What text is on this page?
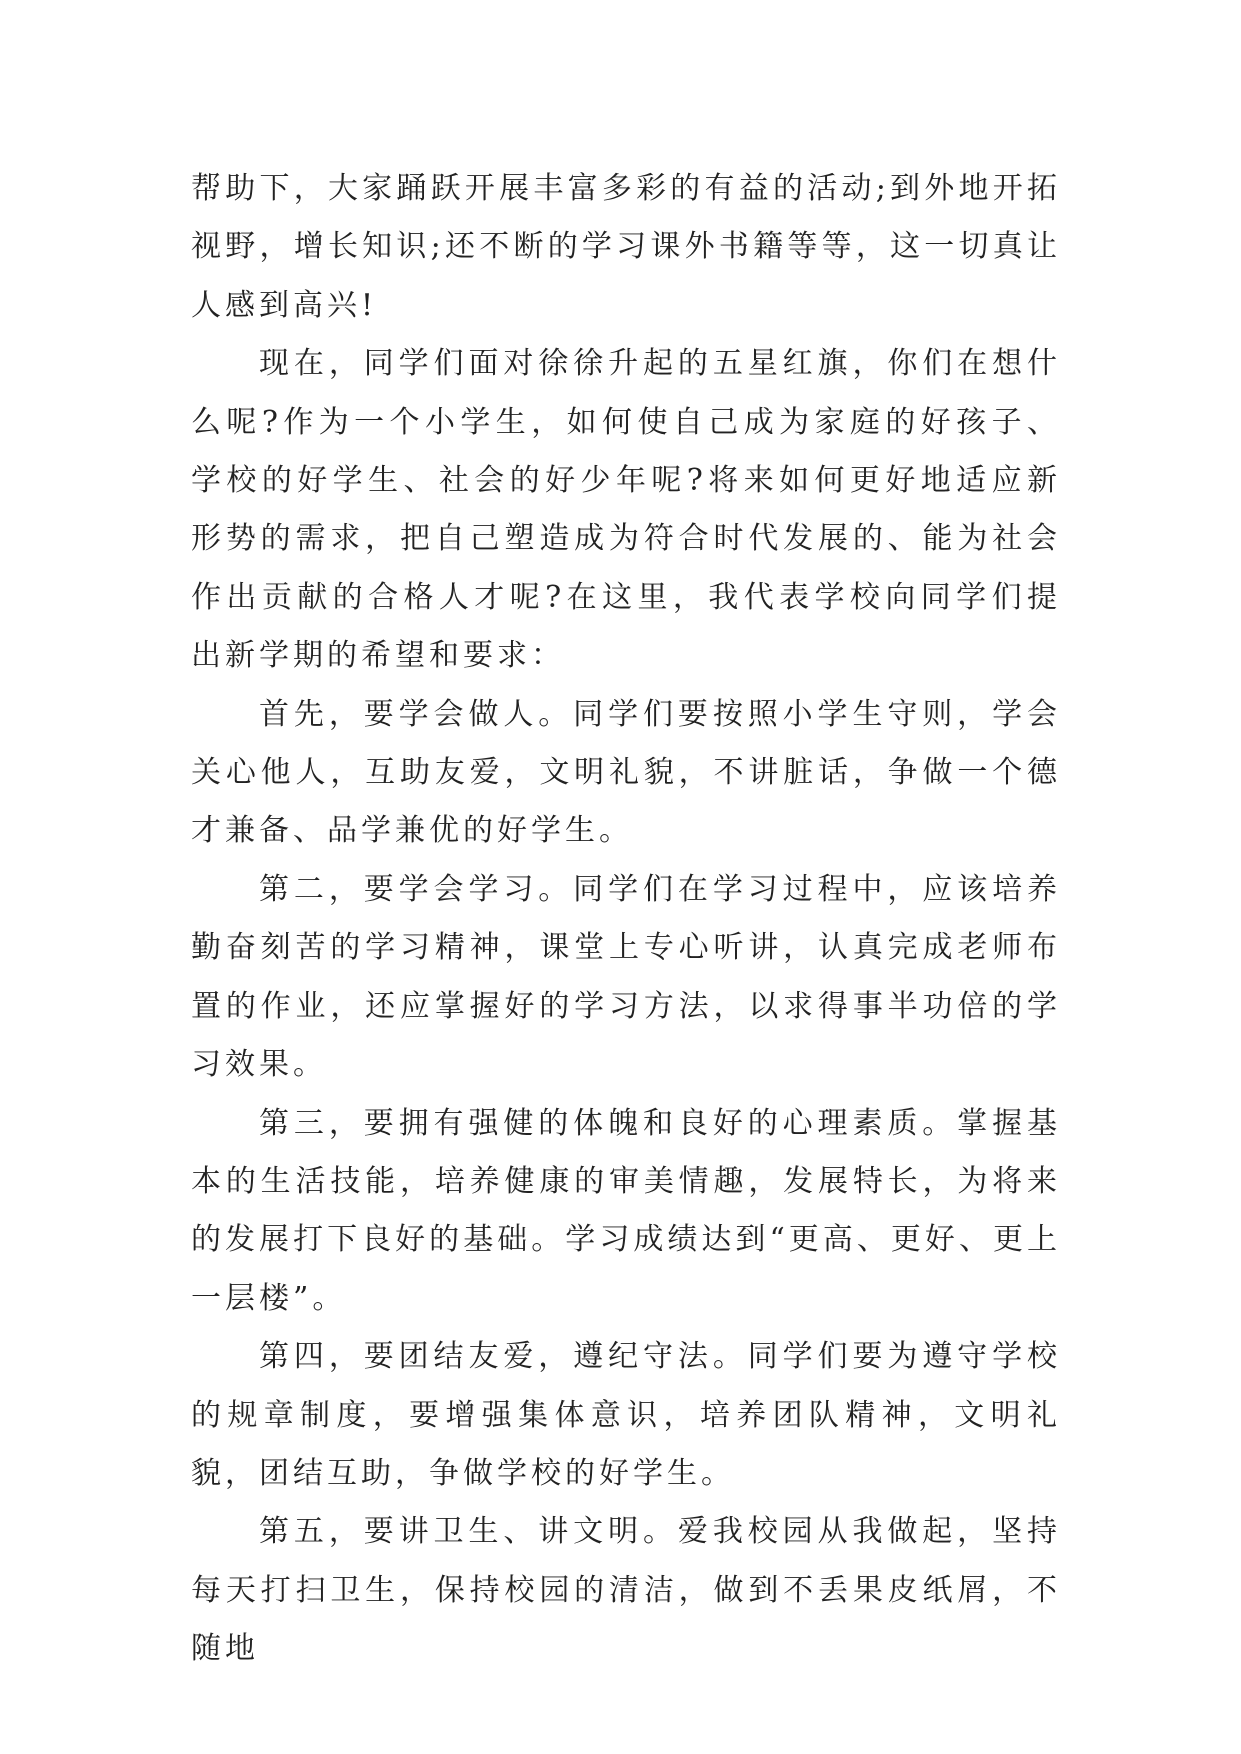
帮助下，大家踊跃开展丰富多彩的有益的活动;到外地开拓视野，增长知识;还不断的学习课外书籍等等，这一切真让人感到高兴!

现在，同学们面对徐徐升起的五星红旗，你们在想什么呢?作为一个小学生，如何使自己成为家庭的好孩子、学校的好学生、社会的好少年呢?将来如何更好地适应新形势的需求，把自己塑造成为符合时代发展的、能为社会作出贡献的合格人才呢?在这里，我代表学校向同学们提出新学期的希望和要求：

首先，要学会做人。同学们要按照小学生守则，学会关心他人，互助友爱，文明礼貌，不讲脏话，争做一个德才兼备、品学兼优的好学生。

第二，要学会学习。同学们在学习过程中，应该培养勤奋刻苦的学习精神，课堂上专心听讲，认真完成老师布置的作业，还应掌握好的学习方法，以求得事半功倍的学习效果。

第三，要拥有强健的体魄和良好的心理素质。掌握基本的生活技能，培养健康的审美情趣，发展特长，为将来的发展打下良好的基础。学习成绩达到“更高、更好、更上一层楼”。

第四，要团结友爱，遵纪守法。同学们要为遵守学校的规章制度，要增强集体意识，培养团队精神，文明礼貌，团结互助，争做学校的好学生。

第五，要讲卫生、讲文明。爱我校园从我做起，坚持每天打扫卫生，保持校园的清洁，做到不丢果皮纸屑，不随地
